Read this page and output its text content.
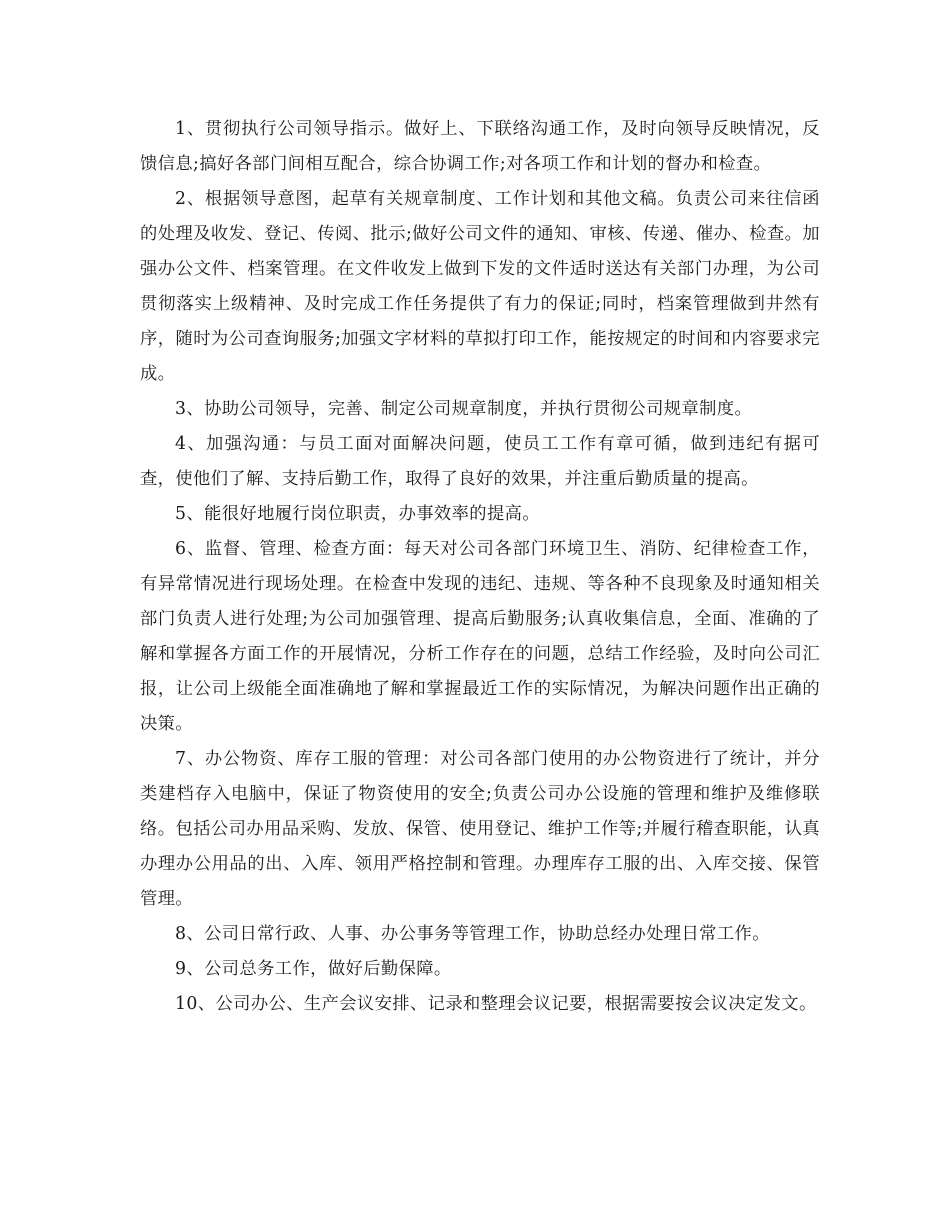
1、贯彻执行公司领导指示。做好上、下联络沟通工作，及时向领导反映情况，反馈信息;搞好各部门间相互配合，综合协调工作;对各项工作和计划的督办和检查。

2、根据领导意图，起草有关规章制度、工作计划和其他文稿。负责公司来往信函的处理及收发、登记、传阅、批示;做好公司文件的通知、审核、传递、催办、检查。加强办公文件、档案管理。在文件收发上做到下发的文件适时送达有关部门办理，为公司贯彻落实上级精神、及时完成工作任务提供了有力的保证;同时，档案管理做到井然有序，随时为公司查询服务;加强文字材料的草拟打印工作，能按规定的时间和内容要求完成。

3、协助公司领导，完善、制定公司规章制度，并执行贯彻公司规章制度。

4、加强沟通：与员工面对面解决问题，使员工工作有章可循，做到违纪有据可查，使他们了解、支持后勤工作，取得了良好的效果，并注重后勤质量的提高。

5、能很好地履行岗位职责，办事效率的提高。

6、监督、管理、检查方面：每天对公司各部门环境卫生、消防、纪律检查工作，有异常情况进行现场处理。在检查中发现的违纪、违规、等各种不良现象及时通知相关部门负责人进行处理;为公司加强管理、提高后勤服务;认真收集信息，全面、准确的了解和掌握各方面工作的开展情况，分析工作存在的问题，总结工作经验，及时向公司汇报，让公司上级能全面准确地了解和掌握最近工作的实际情况，为解决问题作出正确的决策。

7、办公物资、库存工服的管理：对公司各部门使用的办公物资进行了统计，并分类建档存入电脑中，保证了物资使用的安全;负责公司办公设施的管理和维护及维修联络。包括公司办用品采购、发放、保管、使用登记、维护工作等;并履行稽查职能，认真办理办公用品的出、入库、领用严格控制和管理。办理库存工服的出、入库交接、保管管理。

8、公司日常行政、人事、办公事务等管理工作，协助总经办处理日常工作。

9、公司总务工作，做好后勤保障。

10、公司办公、生产会议安排、记录和整理会议记要，根据需要按会议决定发文。
